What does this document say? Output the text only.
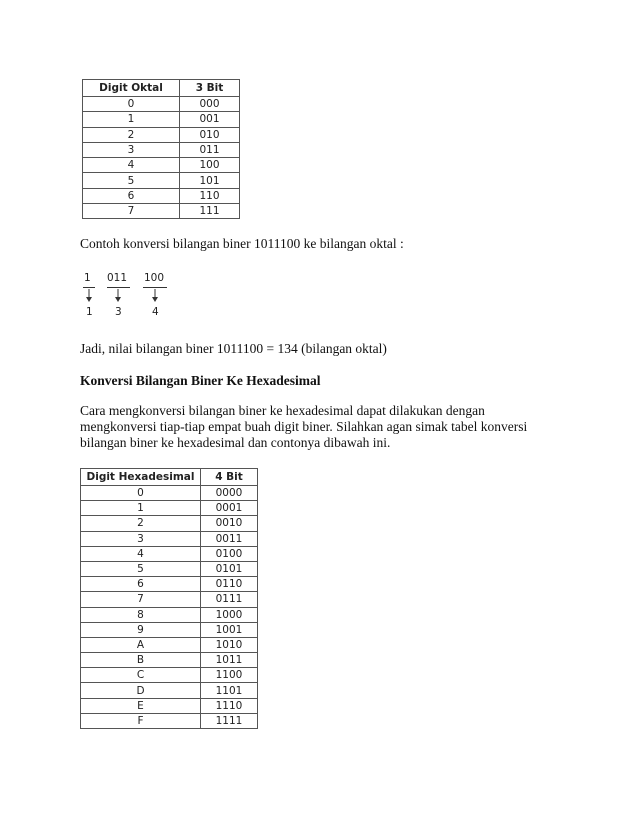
Digit Oktal	3 Bit
0	000
1	001
2	010
3	011
4	100
5	101
6	110
7	111
Contoh konversi bilangan biner 1011100 ke bilangan oktal :
1 011 100
1 3	4
Jadi, nilai bilangan biner 1011100 = 134 (bilangan oktal)
Konversi Bilangan Biner Ke Hexadesimal
Cara mengkonversi bilangan biner ke hexadesimal dapat dilakukan dengan
mengkonversi tiap-tiap empat buah digit biner. Silahkan agan simak tabel konversi
bilangan biner ke hexadesimal dan contonya dibawah ini.
Digit Hexadesimal	4 Bit
0	0000
1	0001
2	0010
3	0011
4	0100
5	0101
6	0110
7	0111
8	1000
9	1001
A	1010
B	1011
C	1100
D	1101
E	1110
F	1111
